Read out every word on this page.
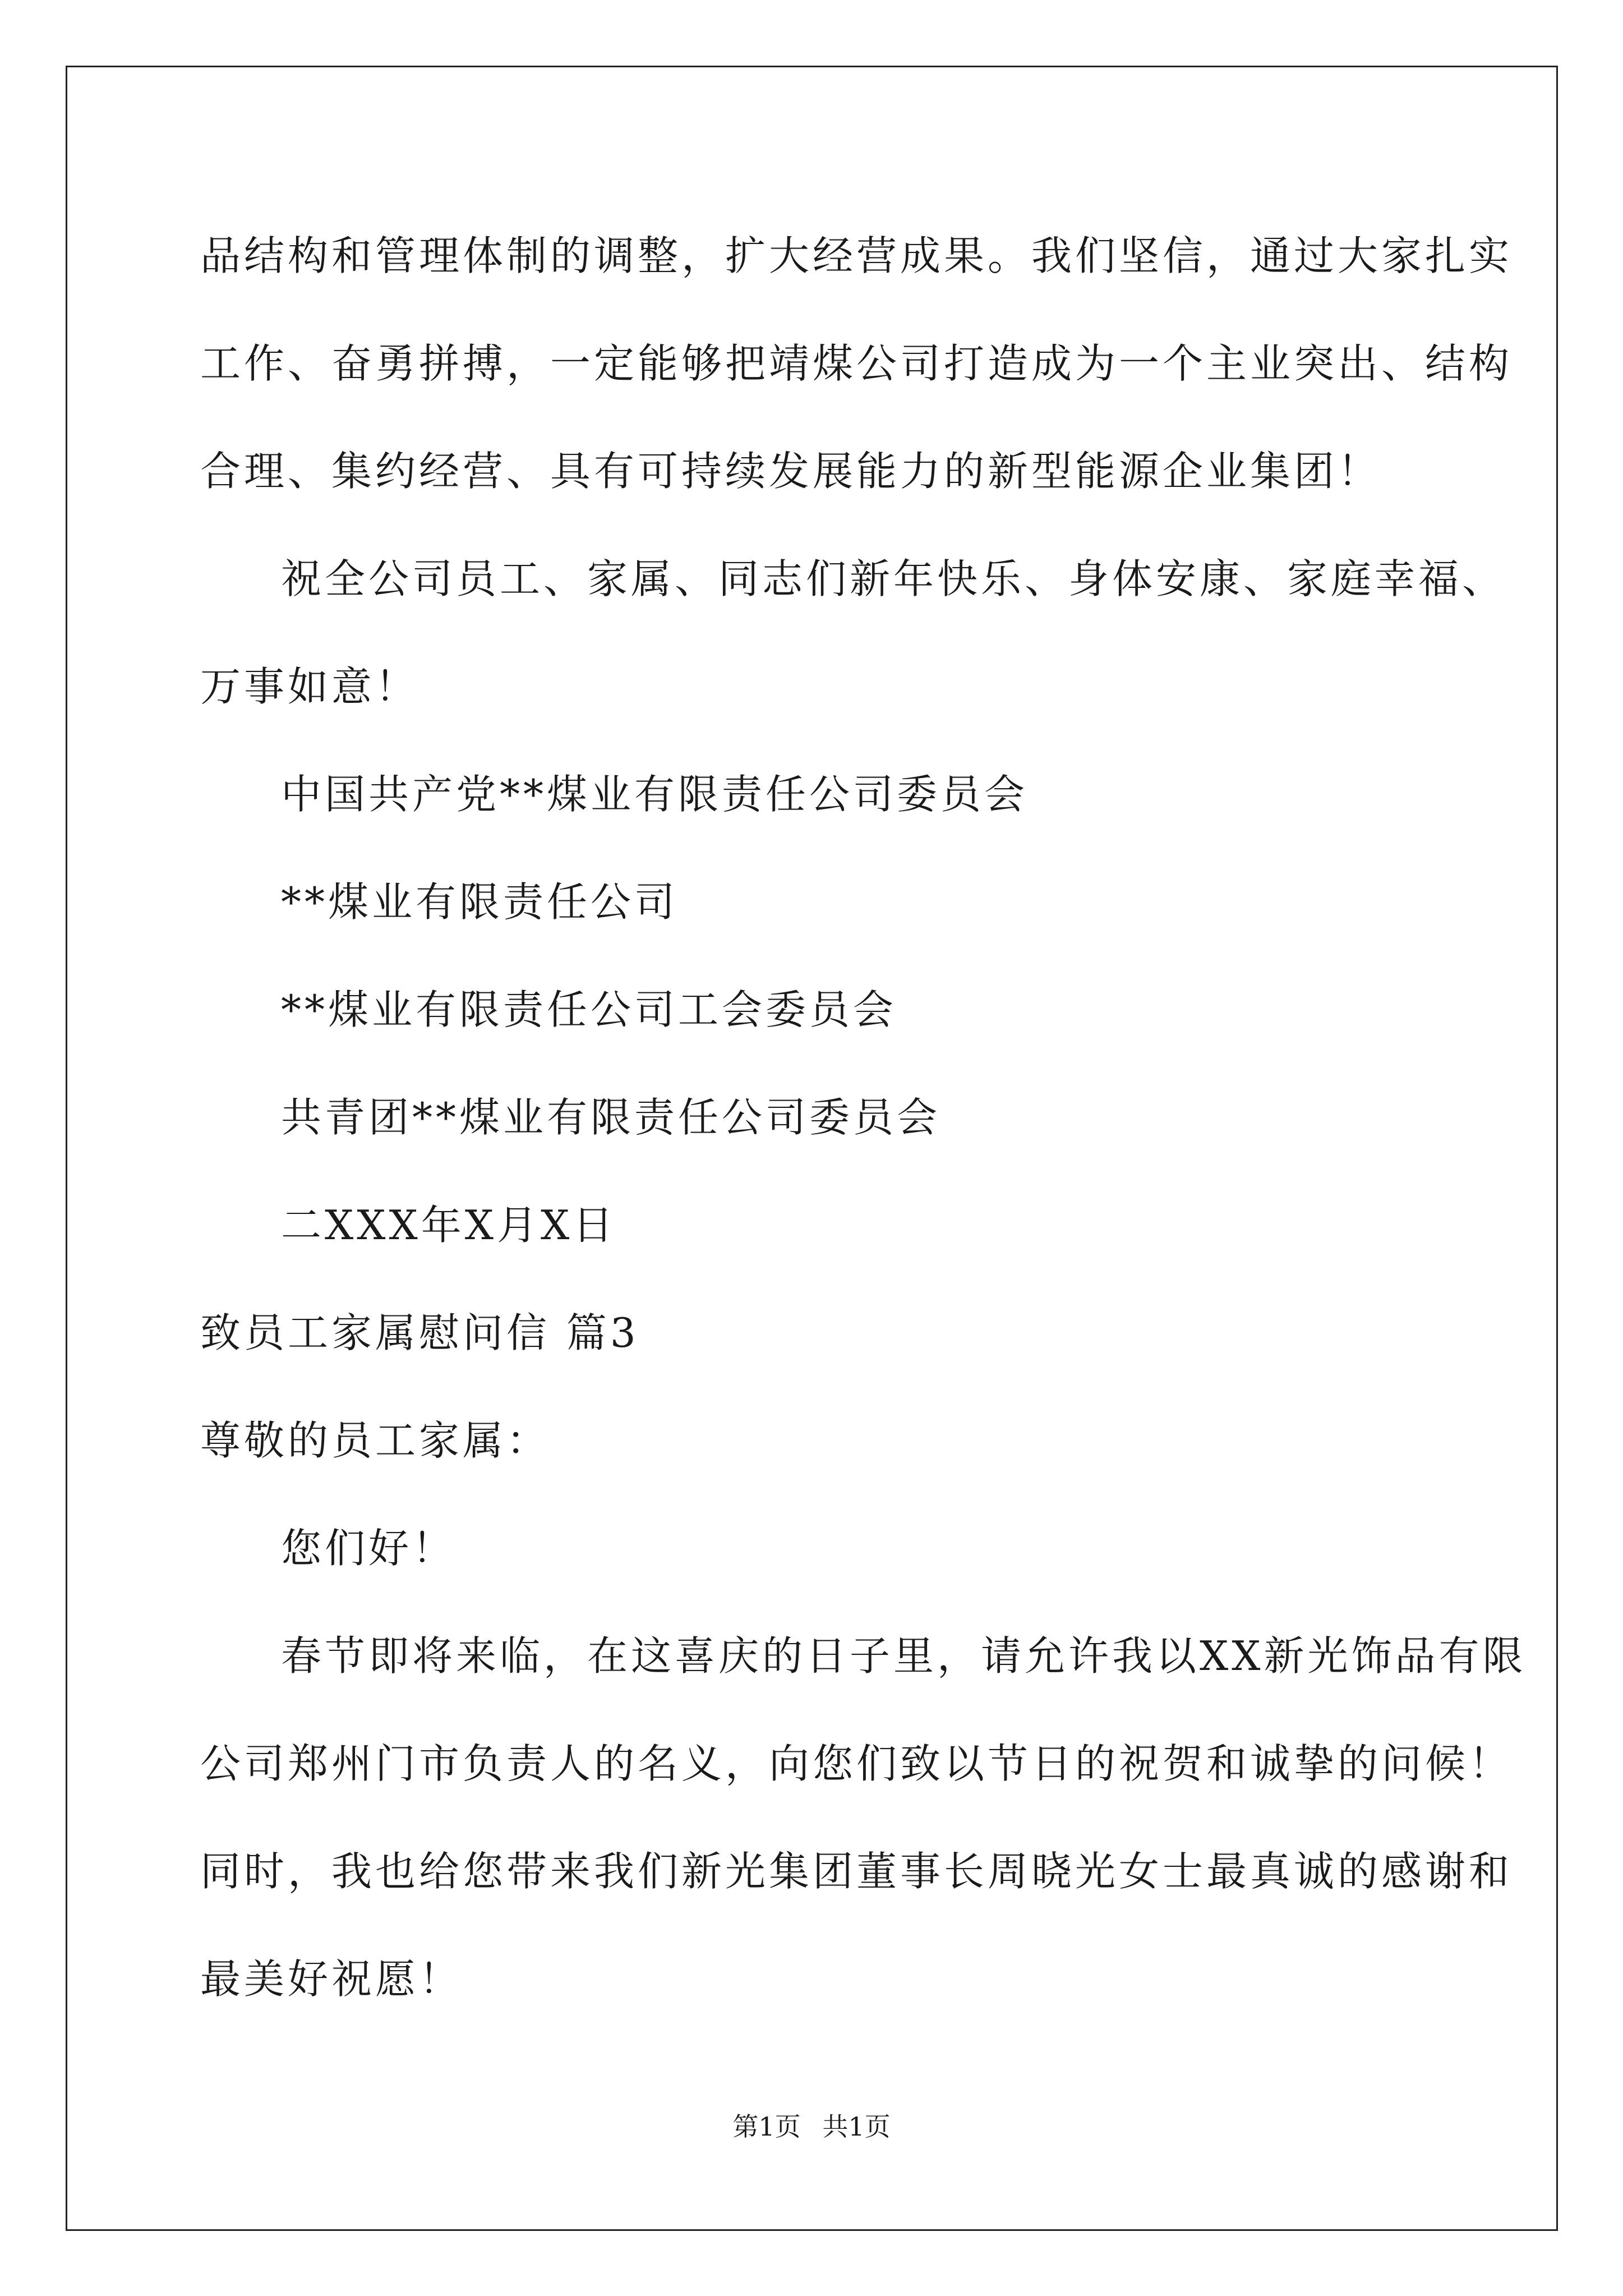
品结构和管理体制的调整，扩大经营成果。我们坚信，通过大家扎实
工作、奋勇拼搏，一定能够把靖煤公司打造成为一个主业突出、结构
合理、集约经营、具有可持续发展能力的新型能源企业集团！
祝全公司员工、家属、同志们新年快乐、身体安康、家庭幸福、
万事如意！
中国共产党**煤业有限责任公司委员会
**煤业有限责任公司
**煤业有限责任公司工会委员会
共青团**煤业有限责任公司委员会
二XXX年X月X日
致员工家属慰问信 篇3
尊敬的员工家属：
您们好！
春节即将来临，在这喜庆的日子里，请允许我以XX新光饰品有限
公司郑州门市负责人的名义，向您们致以节日的祝贺和诚挚的问候！
同时，我也给您带来我们新光集团董事长周晓光女士最真诚的感谢和
最美好祝愿！
第1页 共1页
